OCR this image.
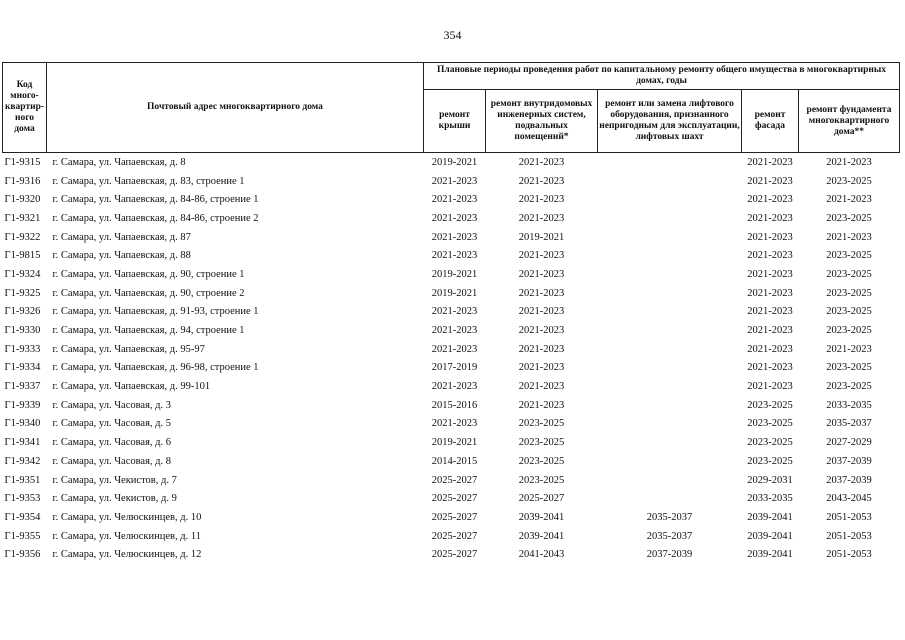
354
Код много-квартир-ного дома	Почтовый адрес многоквартирного дома	Плановые периоды проведения работ по капитальному ремонту общего имущества в многоквартирных домах, годы				
		ремонт крыши	ремонт внутридомовых инженерных систем, подвальных помещений*	ремонт или замена лифтового оборудования, признанного непригодным для эксплуатации, лифтовых шахт	ремонт фасада	ремонт фундамента многоквартирного дома**
Г1-9315	г. Самара, ул. Чапаевская, д. 8	2019-2021	2021-2023		2021-2023	2021-2023
Г1-9316	г. Самара, ул. Чапаевская, д. 83, строение 1	2021-2023	2021-2023		2021-2023	2023-2025
Г1-9320	г. Самара, ул. Чапаевская, д. 84-86, строение 1	2021-2023	2021-2023		2021-2023	2021-2023
Г1-9321	г. Самара, ул. Чапаевская, д. 84-86, строение 2	2021-2023	2021-2023		2021-2023	2023-2025
Г1-9322	г. Самара, ул. Чапаевская, д. 87	2021-2023	2019-2021		2021-2023	2021-2023
Г1-9815	г. Самара, ул. Чапаевская, д. 88	2021-2023	2021-2023		2021-2023	2023-2025
Г1-9324	г. Самара, ул. Чапаевская, д. 90, строение 1	2019-2021	2021-2023		2021-2023	2023-2025
Г1-9325	г. Самара, ул. Чапаевская, д. 90, строение 2	2019-2021	2021-2023		2021-2023	2023-2025
Г1-9326	г. Самара, ул. Чапаевская, д. 91-93, строение 1	2021-2023	2021-2023		2021-2023	2023-2025
Г1-9330	г. Самара, ул. Чапаевская, д. 94, строение 1	2021-2023	2021-2023		2021-2023	2023-2025
Г1-9333	г. Самара, ул. Чапаевская, д. 95-97	2021-2023	2021-2023		2021-2023	2021-2023
Г1-9334	г. Самара, ул. Чапаевская, д. 96-98, строение 1	2017-2019	2021-2023		2021-2023	2023-2025
Г1-9337	г. Самара, ул. Чапаевская, д. 99-101	2021-2023	2021-2023		2021-2023	2023-2025
Г1-9339	г. Самара, ул. Часовая, д. 3	2015-2016	2021-2023		2023-2025	2033-2035
Г1-9340	г. Самара, ул. Часовая, д. 5	2021-2023	2023-2025		2023-2025	2035-2037
Г1-9341	г. Самара, ул. Часовая, д. 6	2019-2021	2023-2025		2023-2025	2027-2029
Г1-9342	г. Самара, ул. Часовая, д. 8	2014-2015	2023-2025		2023-2025	2037-2039
Г1-9351	г. Самара, ул. Чекистов, д. 7	2025-2027	2023-2025		2029-2031	2037-2039
Г1-9353	г. Самара, ул. Чекистов, д. 9	2025-2027	2025-2027		2033-2035	2043-2045
Г1-9354	г. Самара, ул. Челюскинцев, д. 10	2025-2027	2039-2041	2035-2037	2039-2041	2051-2053
Г1-9355	г. Самара, ул. Челюскинцев, д. 11	2025-2027	2039-2041	2035-2037	2039-2041	2051-2053
Г1-9356	г. Самара, ул. Челюскинцев, д. 12	2025-2027	2041-2043	2037-2039	2039-2041	2051-2053
